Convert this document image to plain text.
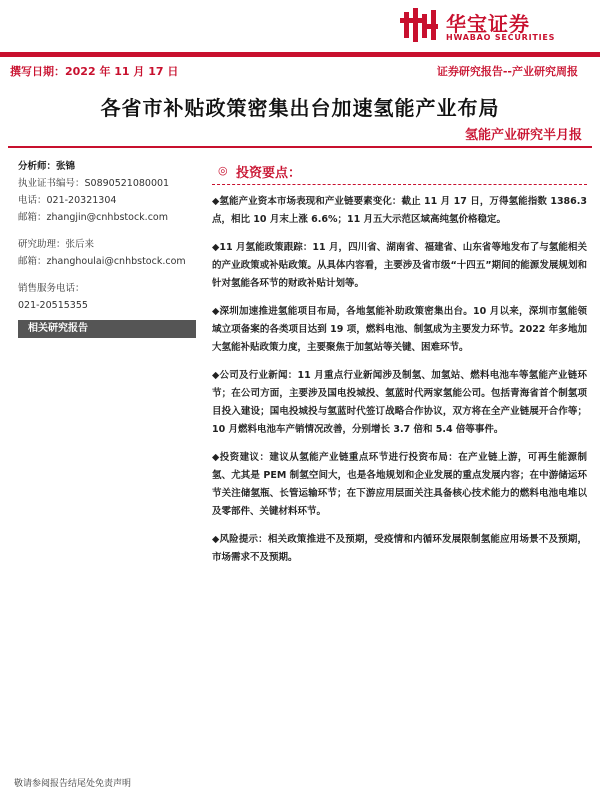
华宝证券
HWABAO SECURITIES
撰写日期：2022 年 11 月 17 日	证券研究报告--产业研究周报
各省市补贴政策密集出台加速氢能产业布局
氢能产业研究半月报
分析师：张锦
执业证书编号：S0890521080001
电话：021-20321304
邮箱：zhangjin@cnhbstock.com
研究助理：张后来
邮箱：zhanghoulai@cnhbstock.com
销售服务电话：
021-20515355
相关研究报告
◎ 投资要点：

◆氢能产业资本市场表现和产业链要素变化：截止 11 月 17 日，万得氢能指数 1386.3 点，相比 10 月末上涨 6.6%；11 月五大示范区域高纯氢价格稳定。

◆11 月氢能政策跟踪：11 月，四川省、湖南省、福建省、山东省等地发布了与氢能相关的产业政策或补贴政策。从具体内容看，主要涉及省市级“十四五”期间的能源发展规划和针对氢能各环节的财政补贴计划等。

◆深圳加速推进氢能项目布局，各地氢能补助政策密集出台。10 月以来，深圳市氢能领域立项备案的各类项目达到 19 项，燃料电池、制氢成为主要发力环节。2022 年多地加大氢能补贴政策力度，主要聚焦于加氢站等关键、困难环节。

◆公司及行业新闻：11 月重点行业新闻涉及制氢、加氢站、燃料电池车等氢能产业链环节；在公司方面，主要涉及国电投城投、氢蓝时代两家氢能公司。包括青海省首个制氢项目投入建设；国电投城投与氢蓝时代签订战略合作协议，双方将在全产业链展开合作等；10 月燃料电池车产销情况改善，分别增长 3.7 倍和 5.4 倍等事件。

◆投资建议：建议从氢能产业链重点环节进行投资布局：在产业链上游，可再生能源制氢、尤其是 PEM 制氢空间大，也是各地规划和企业发展的重点发展内容；在中游储运环节关注储氢瓶、长管运输环节；在下游应用层面关注具备核心技术能力的燃料电池电堆以及零部件、关键材料环节。

◆风险提示：相关政策推进不及预期，受疫情和内循环发展限制氢能应用场景不及预期，市场需求不及预期。

敬请参阅报告结尾处免责声明
